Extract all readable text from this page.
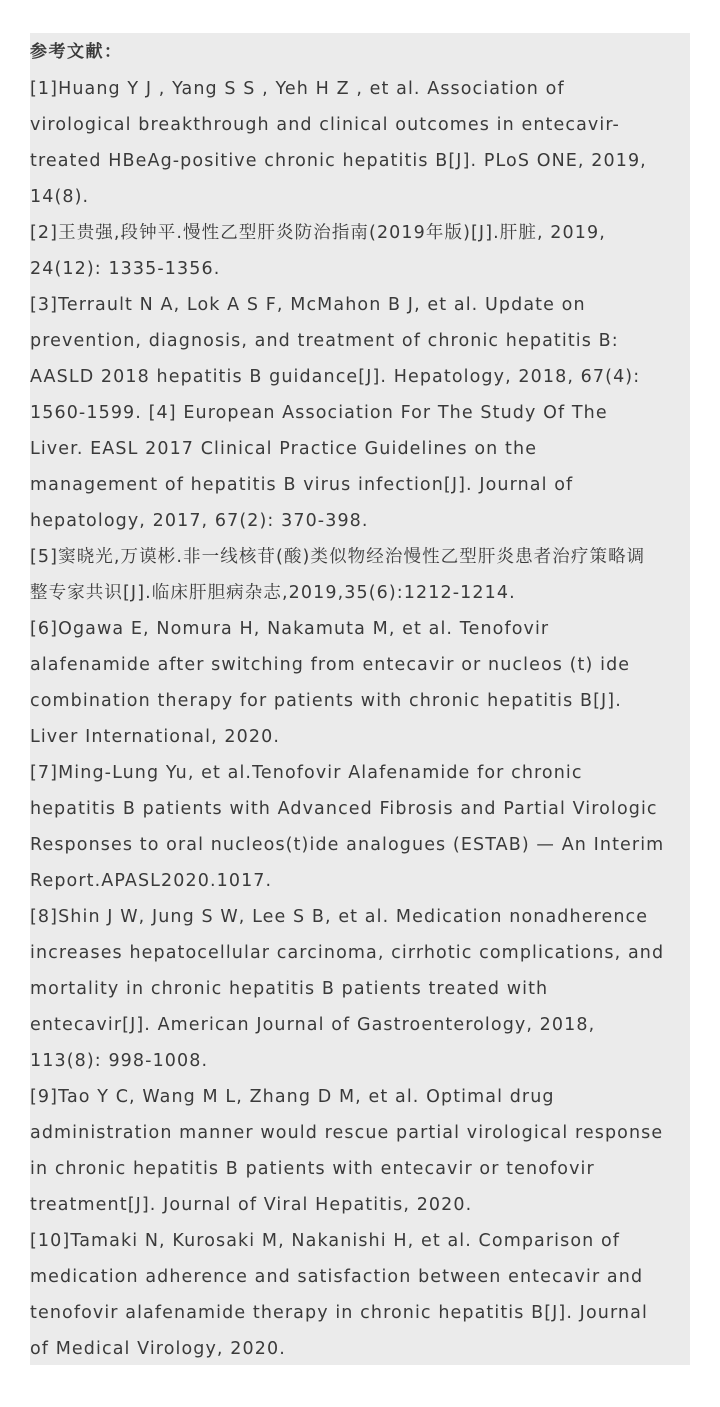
参考文献：
[1]Huang Y J , Yang S S , Yeh H Z , et al. Association of
virological breakthrough and clinical outcomes in entecavir-
treated HBeAg-positive chronic hepatitis B[J]. PLoS ONE, 2019,
14(8).
[2]王贵强,段钟平.慢性乙型肝炎防治指南(2019年版)[J].肝脏, 2019,
24(12): 1335-1356.
[3]Terrault N A, Lok A S F, McMahon B J, et al. Update on
prevention, diagnosis, and treatment of chronic hepatitis B:
AASLD 2018 hepatitis B guidance[J]. Hepatology, 2018, 67(4):
1560-1599. [4] European Association For The Study Of The
Liver. EASL 2017 Clinical Practice Guidelines on the
management of hepatitis B virus infection[J]. Journal of
hepatology, 2017, 67(2): 370-398.
[5]窦晓光,万谟彬.非一线核苷(酸)类似物经治慢性乙型肝炎患者治疗策略调
整专家共识[J].临床肝胆病杂志,2019,35(6):1212-1214.
[6]Ogawa E, Nomura H, Nakamuta M, et al. Tenofovir
alafenamide after switching from entecavir or nucleos (t) ide
combination therapy for patients with chronic hepatitis B[J].
Liver International, 2020.
[7]Ming-Lung Yu, et al.Tenofovir Alafenamide for chronic
hepatitis B patients with Advanced Fibrosis and Partial Virologic
Responses to oral nucleos(t)ide analogues (ESTAB) — An Interim
Report.APASL2020.1017.
[8]Shin J W, Jung S W, Lee S B, et al. Medication nonadherence
increases hepatocellular carcinoma, cirrhotic complications, and
mortality in chronic hepatitis B patients treated with
entecavir[J]. American Journal of Gastroenterology, 2018,
113(8): 998-1008.
[9]Tao Y C, Wang M L, Zhang D M, et al. Optimal drug
administration manner would rescue partial virological response
in chronic hepatitis B patients with entecavir or tenofovir
treatment[J]. Journal of Viral Hepatitis, 2020.
[10]Tamaki N, Kurosaki M, Nakanishi H, et al. Comparison of
medication adherence and satisfaction between entecavir and
tenofovir alafenamide therapy in chronic hepatitis B[J]. Journal
of Medical Virology, 2020.
